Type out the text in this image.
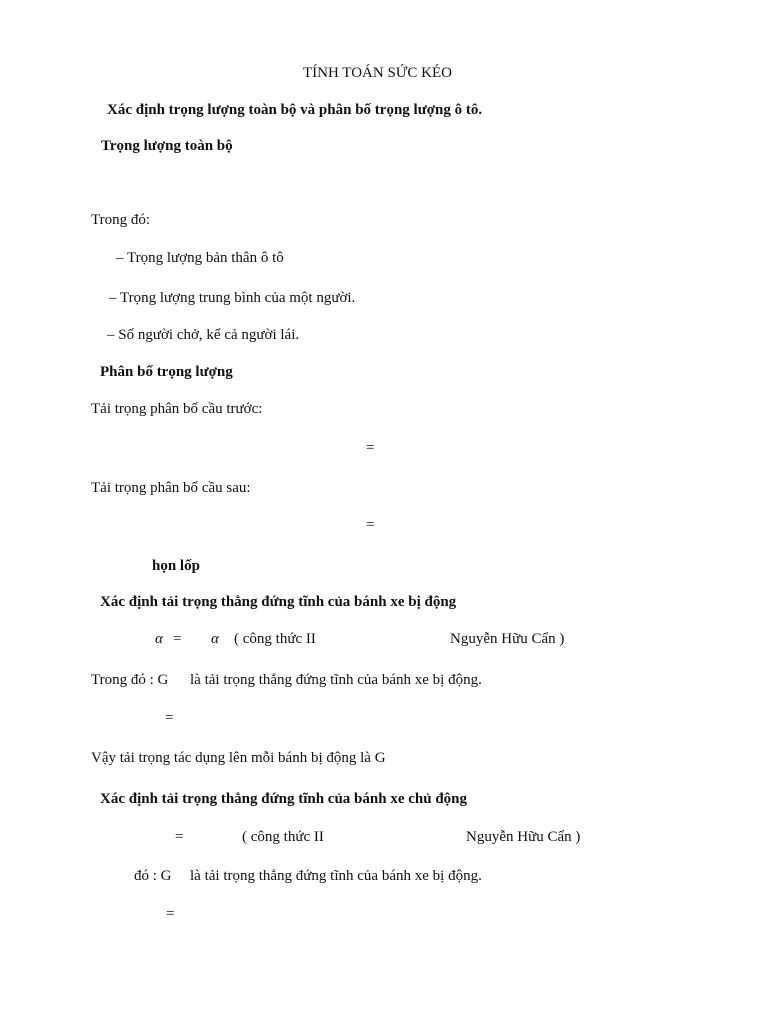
TÍNH TOÁN SỨC KÉO
Xác định trọng lượng toàn bộ và phân bố trọng lượng ô tô.
Trọng lượng toàn bộ
Trong đó:
– Trọng lượng bản thân ô tô
– Trọng lượng trung bình của một người.
– Số người chở, kể cả người lái.
Phân bố trọng lượng
Tải trọng phân bố cầu trước:
=
Tải trọng phân bố cầu sau:
=
họn lốp
Xác định tải trọng thẳng đứng tĩnh của bánh xe bị động
α = α ( công thức II	Nguyễn Hữu Cẩn )
Trong đó : G là tải trọng thẳng đứng tĩnh của bánh xe bị động.
=
Vậy tải trọng tác dụng lên mỗi bánh bị động là G
Xác định tải trọng thẳng đứng tĩnh của bánh xe chủ động
=	( công thức II	Nguyễn Hữu Cẩn )
đó : G là tải trọng thẳng đứng tĩnh của bánh xe bị động.
=
